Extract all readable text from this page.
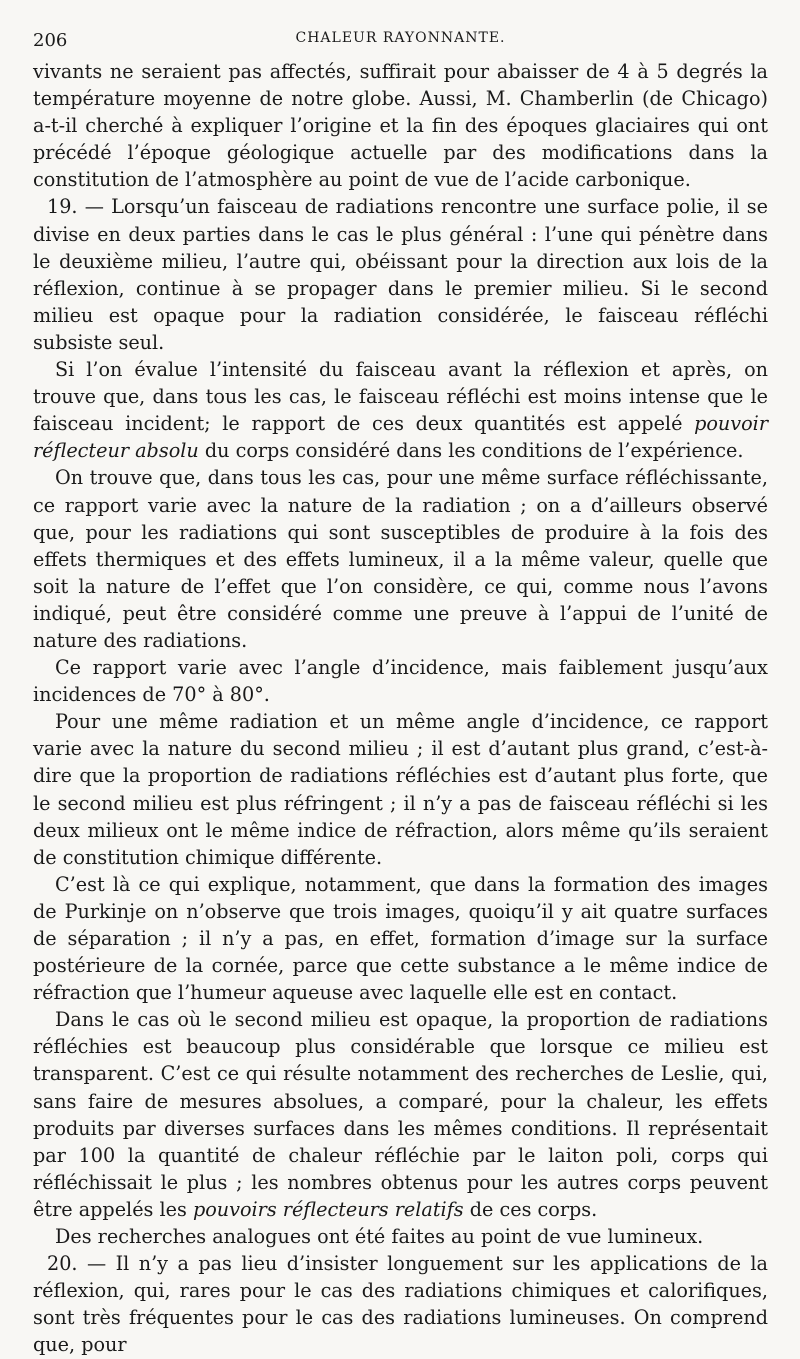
206	CHALEUR RAYONNANTE.

vivants ne seraient pas affectés, suffirait pour abaisser de 4 à 5 degrés la température moyenne de notre globe. Aussi, M. Chamberlin (de Chicago) a-t-il cherché à expliquer l’origine et la fin des époques glaciaires qui ont précédé l’époque géologique actuelle par des modifications dans la constitution de l’atmosphère au point de vue de l’acide carbonique.

19. — Lorsqu’un faisceau de radiations rencontre une surface polie, il se divise en deux parties dans le cas le plus général : l’une qui pénètre dans le deuxième milieu, l’autre qui, obéissant pour la direction aux lois de la réflexion, continue à se propager dans le premier milieu. Si le second milieu est opaque pour la radiation considérée, le faisceau réfléchi subsiste seul.

Si l’on évalue l’intensité du faisceau avant la réflexion et après, on trouve que, dans tous les cas, le faisceau réfléchi est moins intense que le faisceau incident; le rapport de ces deux quantités est appelé pouvoir réflecteur absolu du corps considéré dans les conditions de l’expérience.

On trouve que, dans tous les cas, pour une même surface réfléchissante, ce rapport varie avec la nature de la radiation ; on a d’ailleurs observé que, pour les radiations qui sont susceptibles de produire à la fois des effets thermiques et des effets lumineux, il a la même valeur, quelle que soit la nature de l’effet que l’on considère, ce qui, comme nous l’avons indiqué, peut être considéré comme une preuve à l’appui de l’unité de nature des radiations.

Ce rapport varie avec l’angle d’incidence, mais faiblement jusqu’aux incidences de 70° à 80°.

Pour une même radiation et un même angle d’incidence, ce rapport varie avec la nature du second milieu ; il est d’autant plus grand, c’est-à-dire que la proportion de radiations réfléchies est d’autant plus forte, que le second milieu est plus réfringent ; il n’y a pas de faisceau réfléchi si les deux milieux ont le même indice de réfraction, alors même qu’ils seraient de constitution chimique différente.

C’est là ce qui explique, notamment, que dans la formation des images de Purkinje on n’observe que trois images, quoiqu’il y ait quatre surfaces de séparation ; il n’y a pas, en effet, formation d’image sur la surface postérieure de la cornée, parce que cette substance a le même indice de réfraction que l’humeur aqueuse avec laquelle elle est en contact.

Dans le cas où le second milieu est opaque, la proportion de radiations réfléchies est beaucoup plus considérable que lorsque ce milieu est transparent. C’est ce qui résulte notamment des recherches de Leslie, qui, sans faire de mesures absolues, a comparé, pour la chaleur, les effets produits par diverses surfaces dans les mêmes conditions. Il représentait par 100 la quantité de chaleur réfléchie par le laiton poli, corps qui réfléchissait le plus ; les nombres obtenus pour les autres corps peuvent être appelés les pouvoirs réflecteurs relatifs de ces corps.

Des recherches analogues ont été faites au point de vue lumineux.

20. — Il n’y a pas lieu d’insister longuement sur les applications de la réflexion, qui, rares pour le cas des radiations chimiques et calorifiques, sont très fréquentes pour le cas des radiations lumineuses. On comprend que, pour
